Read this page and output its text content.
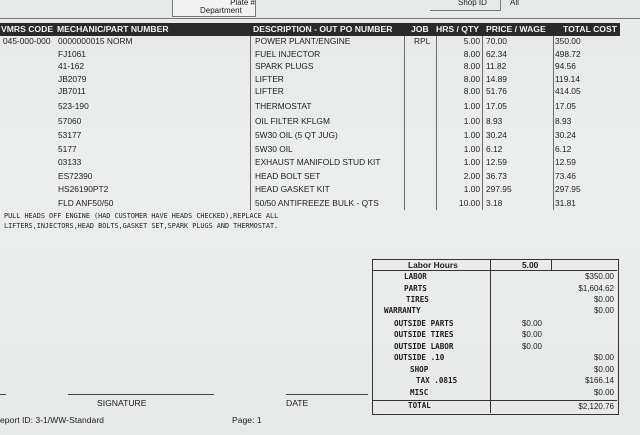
Plate #
Department
Shop ID	All
VMRS CODE MECHANIC/PART NUMBER	DESCRIPTION - OUT PO NUMBER JOB HRS / QTY PRICE / WAGE TOTAL COST
045-000-000 0000000015 NORM	POWER PLANT/ENGINE	RPL	5.00 70.00	350.00
FJ1061	FUEL INJECTOR	8.00 62.34	498.72
41-162	SPARK PLUGS	8.00 11.82	94.56
JB2079	LIFTER	8.00 14.89	119.14
JB7011	LIFTER	8.00 51.76	414.05
523-190	THERMOSTAT	1.00 17.05	17.05
57060	OIL FILTER KFLGM	1.00 8.93	8.93
53177	5W30 OIL (5 QT JUG)	1.00 30.24	30.24
5177	5W30 OIL	1.00 6.12	6.12
03133	EXHAUST MANIFOLD STUD KIT	1.00 12.59	12.59
ES72390	HEAD BOLT SET	2.00 36.73	73.46
HS26190PT2	HEAD GASKET KIT	1.00 297.95	297.95
FLD ANF50/50	50/50 ANTIFREEZE BULK - QTS	10.00 3.18	31.81
PULL HEADS OFF ENGINE (HAD CUSTOMER HAVE HEADS CHECKED),REPLACE ALL
LIFTERS,INJECTORS,HEAD BOLTS,GASKET SET,SPARK PLUGS AND THERMOSTAT.
Labor Hours	5.00
LABOR	$350.00
PARTS	$1,604.62
TIRES	$0.00
WARRANTY	$0.00
OUTSIDE PARTS	$0.00
OUTSIDE TIRES	$0.00
OUTSIDE LABOR	$0.00
OUTSIDE .10	$0.00
SHOP	$0.00
TAX .0815	$166.14
MISC	$0.00
TOTAL	$2,120.76
SIGNATURE	DATE
eport ID: 3-1/WW-Standard	Page: 1
